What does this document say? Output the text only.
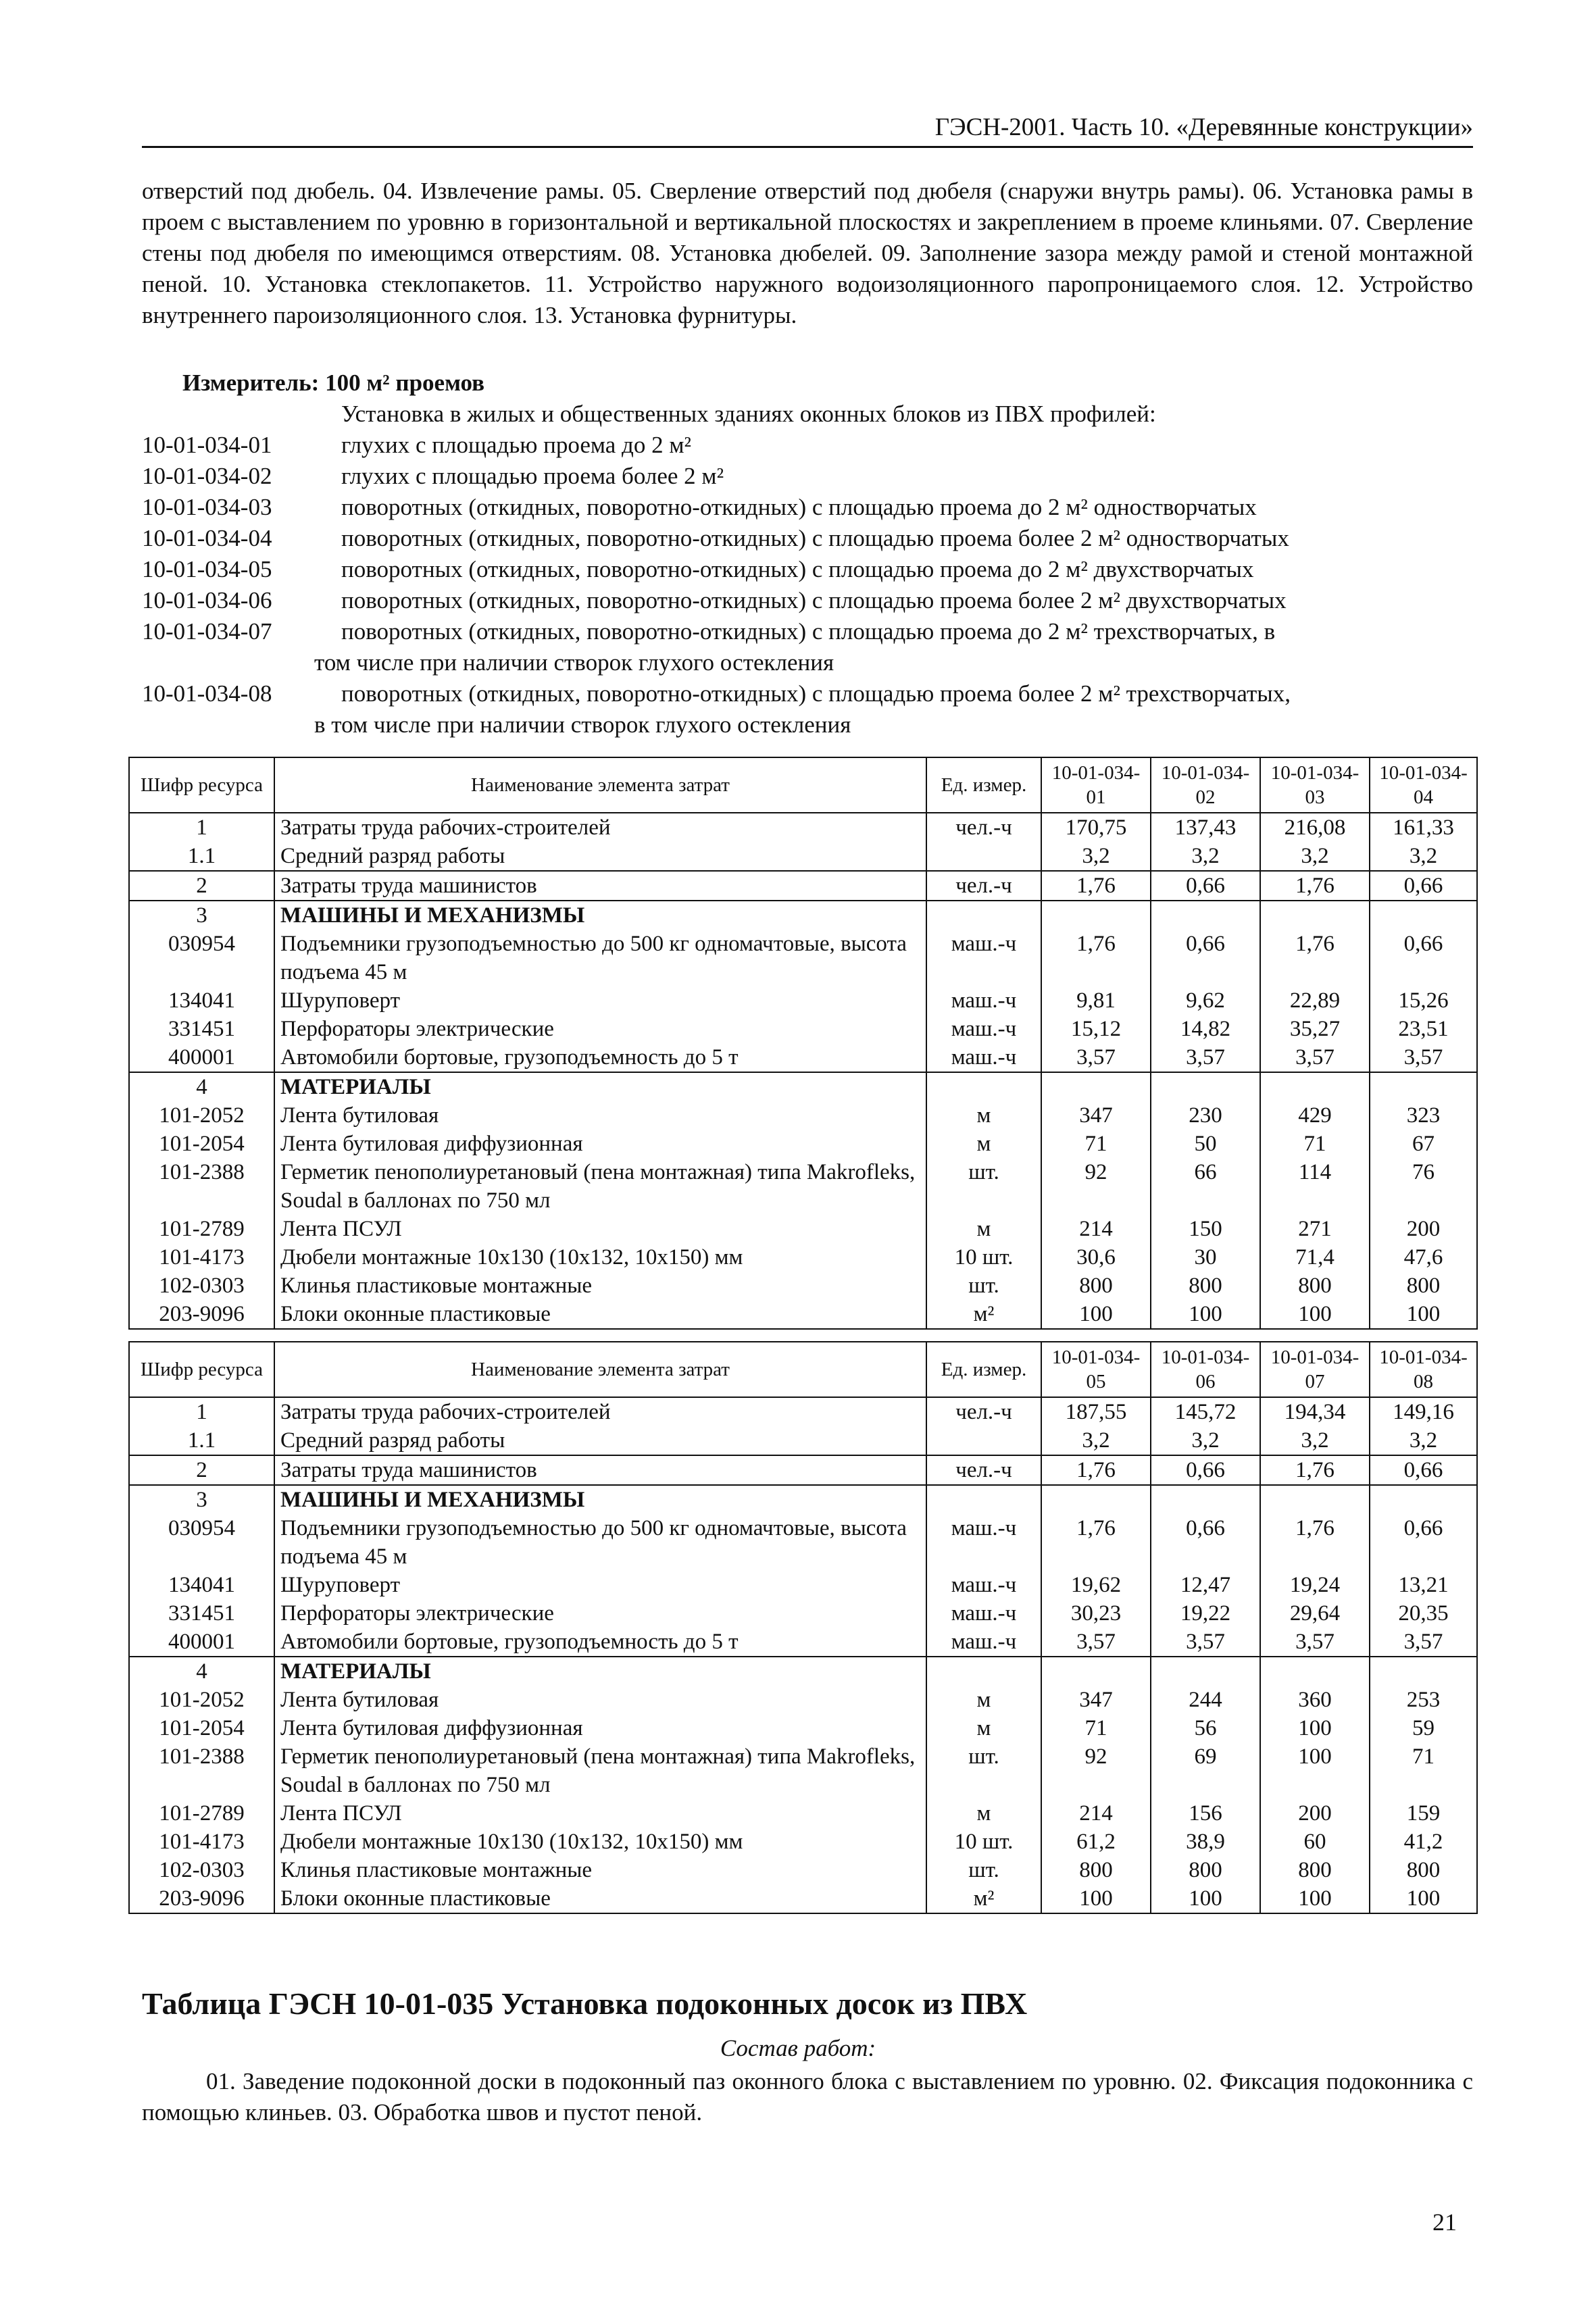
ГЭСН-2001. Часть 10. «Деревянные конструкции»

отверстий под дюбель. 04. Извлечение рамы. 05. Сверление отверстий под дюбеля (снаружи внутрь рамы). 06. Установка рамы в проем с выставлением по уровню в горизонтальной и вертикальной плоскостях и закреплением в проеме клиньями. 07. Сверление стены под дюбеля по имеющимся отверстиям. 08. Установка дюбелей. 09. Заполнение зазора между рамой и стеной монтажной пеной. 10. Установка стеклопакетов. 11. Устройство наружного водоизоляционного паропроницаемого слоя. 12. Устройство внутреннего пароизоляционного слоя. 13. Установка фурнитуры.

Измеритель: 100 м² проемов
Установка в жилых и общественных зданиях оконных блоков из ПВХ профилей:
10-01-034-01	глухих с площадью проема до 2 м²
10-01-034-02	глухих с площадью проема более 2 м²
10-01-034-03	поворотных (откидных, поворотно-откидных) с площадью проема до 2 м² одностворчатых
10-01-034-04	поворотных (откидных, поворотно-откидных) с площадью проема более 2 м² одностворчатых
10-01-034-05	поворотных (откидных, поворотно-откидных) с площадью проема до 2 м² двухстворчатых
10-01-034-06	поворотных (откидных, поворотно-откидных) с площадью проема более 2 м² двухстворчатых
10-01-034-07	поворотных (откидных, поворотно-откидных) с площадью проема до 2 м² трехстворчатых, в
том числе при наличии створок глухого остекления
10-01-034-08	поворотных (откидных, поворотно-откидных) с площадью проема более 2 м² трехстворчатых,
в том числе при наличии створок глухого остекления
Шифр ресурса	Наименование элемента затрат	Ед. измер.	10-01-034-01	10-01-034-02	10-01-034-03	10-01-034-04
1	Затраты труда рабочих-строителей	чел.-ч	170,75	137,43	216,08	161,33
1.1	Средний разряд работы		3,2	3,2	3,2	3,2
2	Затраты труда машинистов	чел.-ч	1,76	0,66	1,76	0,66
3	МАШИНЫ И МЕХАНИЗМЫ					
030954	Подъемники грузоподъемностью до 500 кг одномачтовые, высота подъема 45 м	маш.-ч	1,76	0,66	1,76	0,66
134041	Шуруповерт	маш.-ч	9,81	9,62	22,89	15,26
331451	Перфораторы электрические	маш.-ч	15,12	14,82	35,27	23,51
400001	Автомобили бортовые, грузоподъемность до 5 т	маш.-ч	3,57	3,57	3,57	3,57
4	МАТЕРИАЛЫ					
101-2052	Лента бутиловая	м	347	230	429	323
101-2054	Лента бутиловая диффузионная	м	71	50	71	67
101-2388	Герметик пенополиуретановый (пена монтажная) типа Makrofleks, Soudal в баллонах по 750 мл	шт.	92	66	114	76
101-2789	Лента ПСУЛ	м	214	150	271	200
101-4173	Дюбели монтажные 10x130 (10x132, 10x150) мм	10 шт.	30,6	30	71,4	47,6
102-0303	Клинья пластиковые монтажные	шт.	800	800	800	800
203-9096	Блоки оконные пластиковые	м²	100	100	100	100
Шифр ресурса	Наименование элемента затрат	Ед. измер.	10-01-034-05	10-01-034-06	10-01-034-07	10-01-034-08
1	Затраты труда рабочих-строителей	чел.-ч	187,55	145,72	194,34	149,16
1.1	Средний разряд работы		3,2	3,2	3,2	3,2
2	Затраты труда машинистов	чел.-ч	1,76	0,66	1,76	0,66
3	МАШИНЫ И МЕХАНИЗМЫ					
030954	Подъемники грузоподъемностью до 500 кг одномачтовые, высота подъема 45 м	маш.-ч	1,76	0,66	1,76	0,66
134041	Шуруповерт	маш.-ч	19,62	12,47	19,24	13,21
331451	Перфораторы электрические	маш.-ч	30,23	19,22	29,64	20,35
400001	Автомобили бортовые, грузоподъемность до 5 т	маш.-ч	3,57	3,57	3,57	3,57
4	МАТЕРИАЛЫ					
101-2052	Лента бутиловая	м	347	244	360	253
101-2054	Лента бутиловая диффузионная	м	71	56	100	59
101-2388	Герметик пенополиуретановый (пена монтажная) типа Makrofleks, Soudal в баллонах по 750 мл	шт.	92	69	100	71
101-2789	Лента ПСУЛ	м	214	156	200	159
101-4173	Дюбели монтажные 10x130 (10x132, 10x150) мм	10 шт.	61,2	38,9	60	41,2
102-0303	Клинья пластиковые монтажные	шт.	800	800	800	800
203-9096	Блоки оконные пластиковые	м²	100	100	100	100
Таблица ГЭСН 10-01-035 Установка подоконных досок из ПВХ
Состав работ:
01. Заведение подоконной доски в подоконный паз оконного блока с выставлением по уровню. 02. Фиксация подоконника с помощью клиньев. 03. Обработка швов и пустот пеной.
21
